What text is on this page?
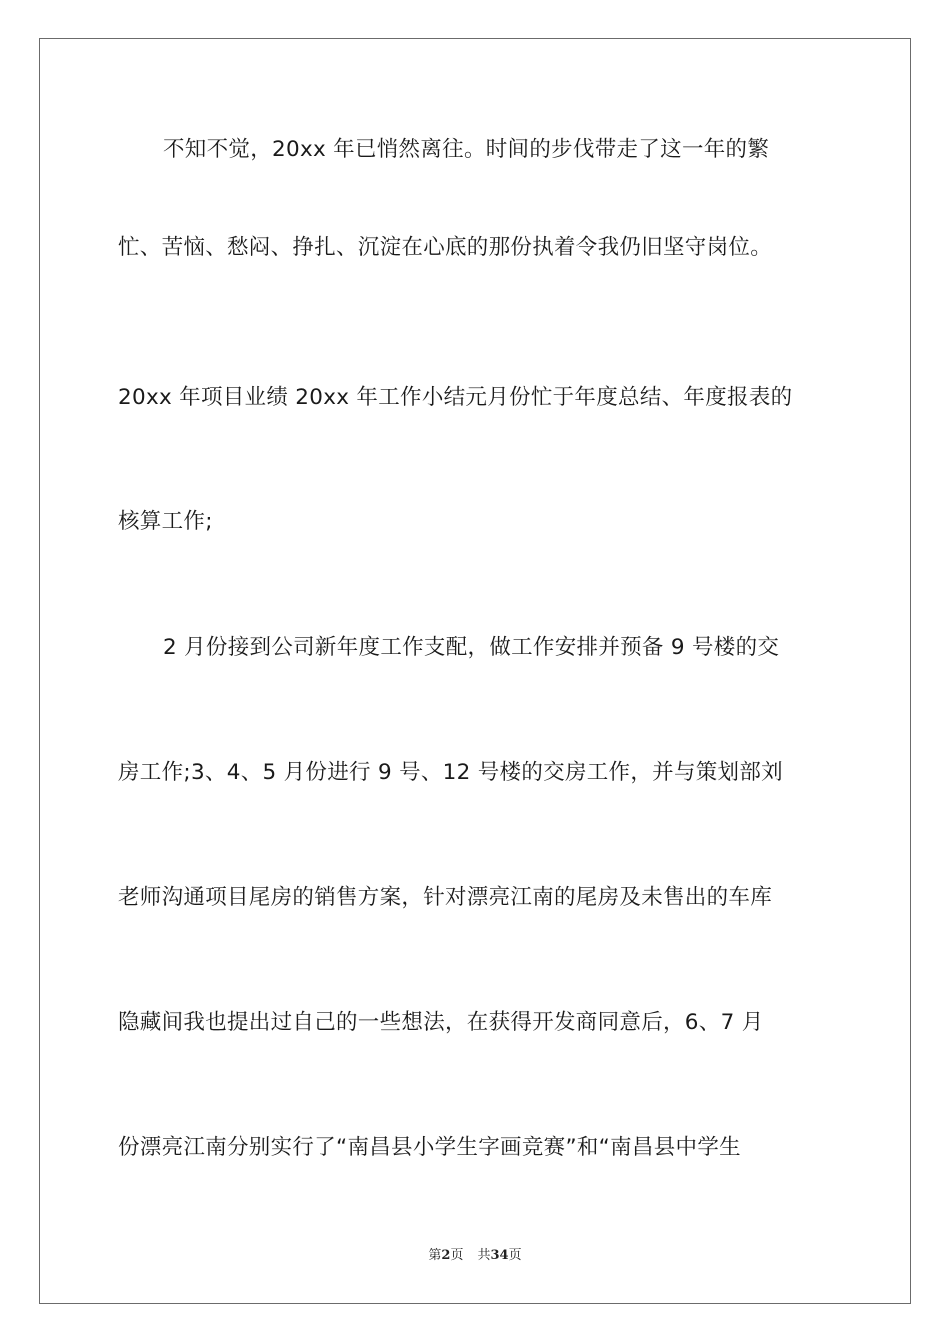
不知不觉，20xx 年已悄然离往。时间的步伐带走了这一年的繁
忙、苦恼、愁闷、挣扎、沉淀在心底的那份执着令我仍旧坚守岗位。
20xx 年项目业绩 20xx 年工作小结元月份忙于年度总结、年度报表的
核算工作;
2 月份接到公司新年度工作支配，做工作安排并预备 9 号楼的交
房工作;3、4、5 月份进行 9 号、12 号楼的交房工作，并与策划部刘
老师沟通项目尾房的销售方案，针对漂亮江南的尾房及未售出的车库
隐藏间我也提出过自己的一些想法，在获得开发商同意后，6、7 月
份漂亮江南分别实行了“南昌县小学生字画竞赛”和“南昌县中学生
第2页 共34页
